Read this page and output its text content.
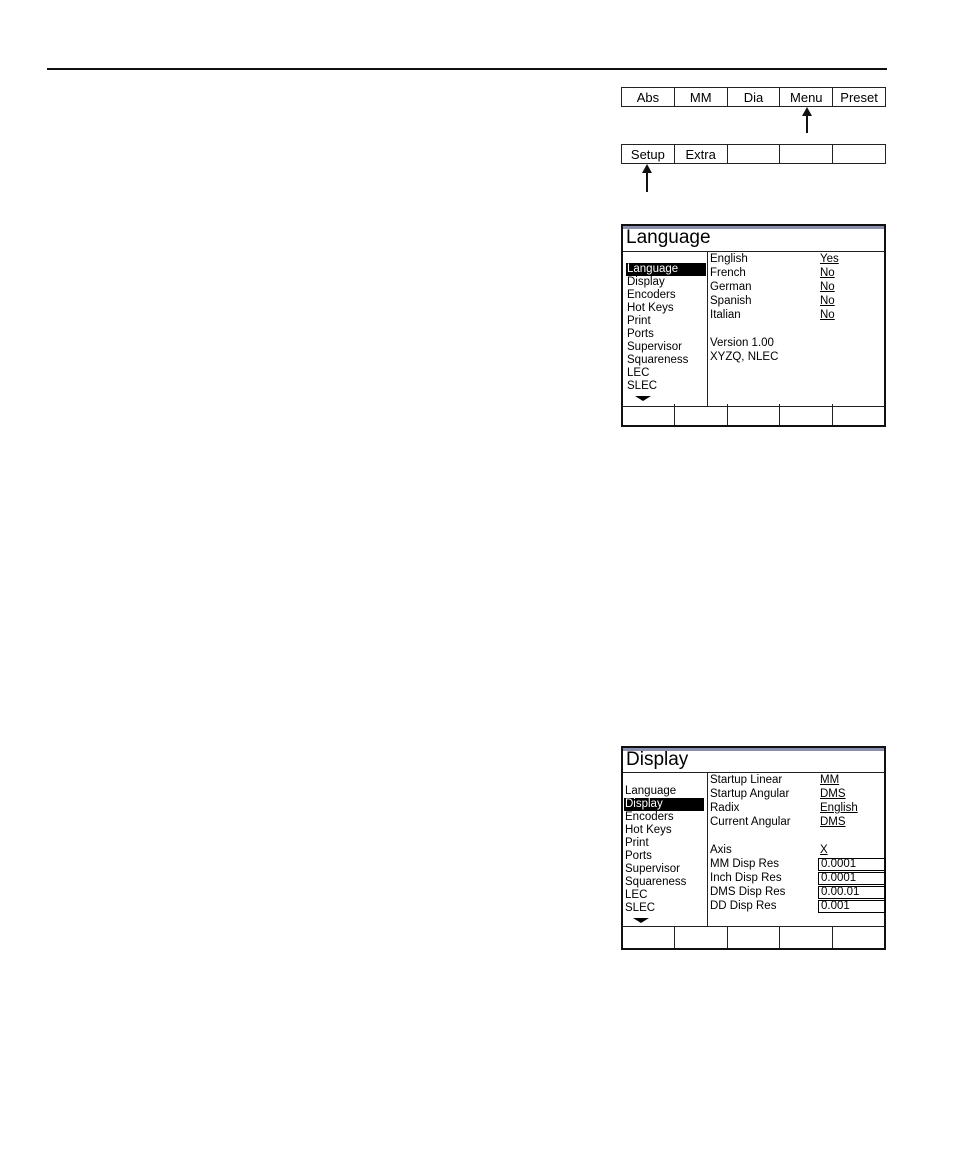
Abs	MM	Dia	Menu	Preset
Setup	Extra
Language
Language
Display
Encoders
Hot Keys
Print
Ports
Supervisor
Squareness
LEC
SLEC
English	Yes
French	No
German	No
Spanish	No
Italian	No
Version 1.00
XYZQ, NLEC
Display
Language
Display
Encoders
Hot Keys
Print
Ports
Supervisor
Squareness
LEC
SLEC
Startup Linear	MM
Startup Angular	DMS
Radix	English
Current Angular	DMS
Axis	X
MM Disp Res	0.0001
Inch Disp Res	0.0001
DMS Disp Res	0.00.01
DD Disp Res	0.001
